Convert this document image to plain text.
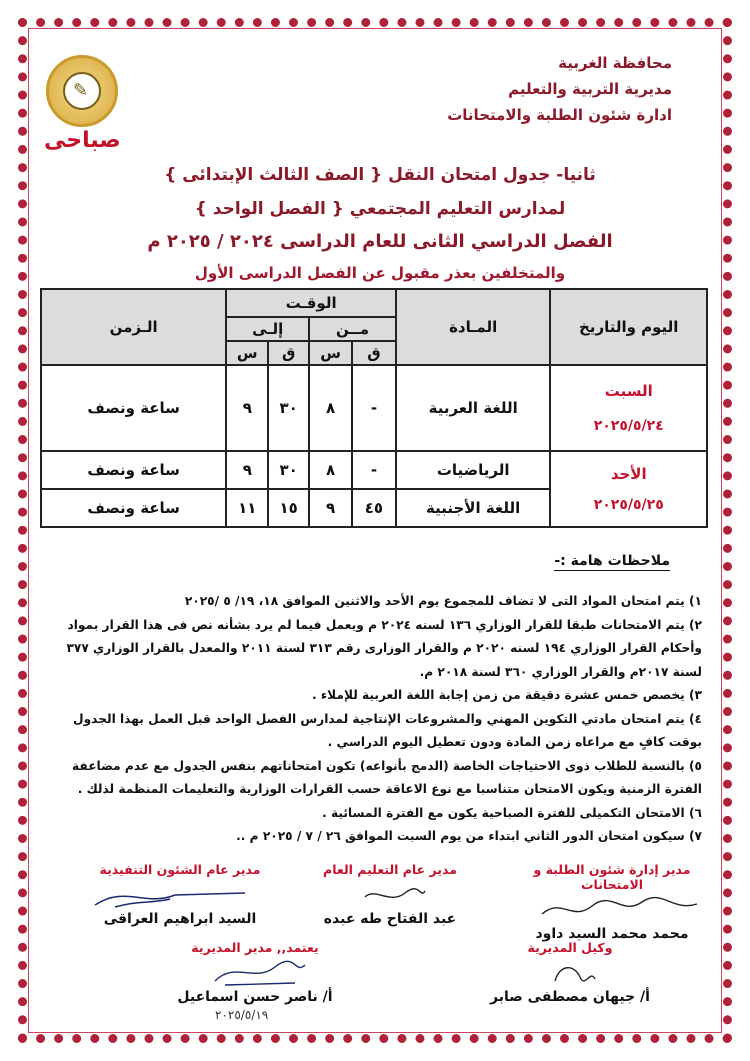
✎
صباحى
محافظة الغربية
مديرية التربية والتعليم
ادارة شئون الطلبة والامتحانات
ثانيا- جدول امتحان النقل { الصف الثالث الإبتدائى }
لمدارس التعليم المجتمعي { الفصل الواحد }
الفصل الدراسي الثانى للعام الدراسى ٢٠٢٤ / ٢٠٢٥ م
والمتخلفين بعذر مقبول عن الفصل الدراسى الأول
اليوم والتاريخ	المـادة	الوقـت				الـزمن
		مــن		إلـى		
		ق	س	ق	س	

السبت
٢٠٢٥/٥/٢٤	اللغة العربية	-	٨	٣٠	٩	ساعة ونصف

الأحد
٢٠٢٥/٥/٢٥	الرياضيات	-	٨	٣٠	٩	ساعة ونصف
	اللغة الأجنبية	٤٥	٩	١٥	١١	ساعة ونصف
ملاحظات هامة :-

١) يتم امتحان المواد التى لا تضاف للمجموع يوم الأحد والاثنين الموافق ١٨، ١٩/ ٥ /٢٠٢٥

٢) يتم الامتحانات طبقا للقرار الوزاري ١٣٦ لسنه ٢٠٢٤ م ويعمل فيما لم يرد بشأنه نص فى هذا القرار بمواد وأحكام القرار الوزاري ١٩٤ لسنه ٢٠٢٠ م والقرار الوزارى رقم ٣١٣ لسنة ٢٠١١ والمعدل بالقرار الوزاري ٣٧٧ لسنة ٢٠١٧م والقرار الوزاري ٣٦٠ لسنة ٢٠١٨ م.

٣) يخصص خمس عشرة دقيقة من زمن إجابة اللغة العربية للإملاء .

٤) يتم امتحان مادتي التكوين المهني والمشروعات الإنتاجية لمدارس الفصل الواحد قبل العمل بهذا الجدول بوقت كافٍ مع مراعاه زمن المادة ودون تعطيل اليوم الدراسي .

٥) بالنسبة للطلاب ذوى الاحتياجات الخاصة (الدمج بأنواعه) تكون امتحاناتهم بنفس الجدول مع عدم مضاعفة الفترة الزمنية ويكون الامتحان متناسبا مع نوع الاعاقة حسب القرارات الوزارية والتعليمات المنظمة لذلك .

٦) الامتحان التكميلى للفترة الصباحية يكون مع الفترة المسائية .

٧) سيكون امتحان الدور الثاني ابتداء من يوم السبت الموافق ٢٦ / ٧ / ٢٠٢٥ م ..

مدير إدارة شئون الطلبة و الامتحانات
محمد محمد السيد داود
مدير عام التعليم العام
عبد الفتاح طه عبده
مدير عام الشئون التنفيذية
السيد ابراهيم العراقى
وكيل المديرية
أ/ جيهان مصطفى صابر
يعتمد,, مدير المديرية
أ/ ناصر حسن اسماعيل
٢٠٢٥/٥/١٩
